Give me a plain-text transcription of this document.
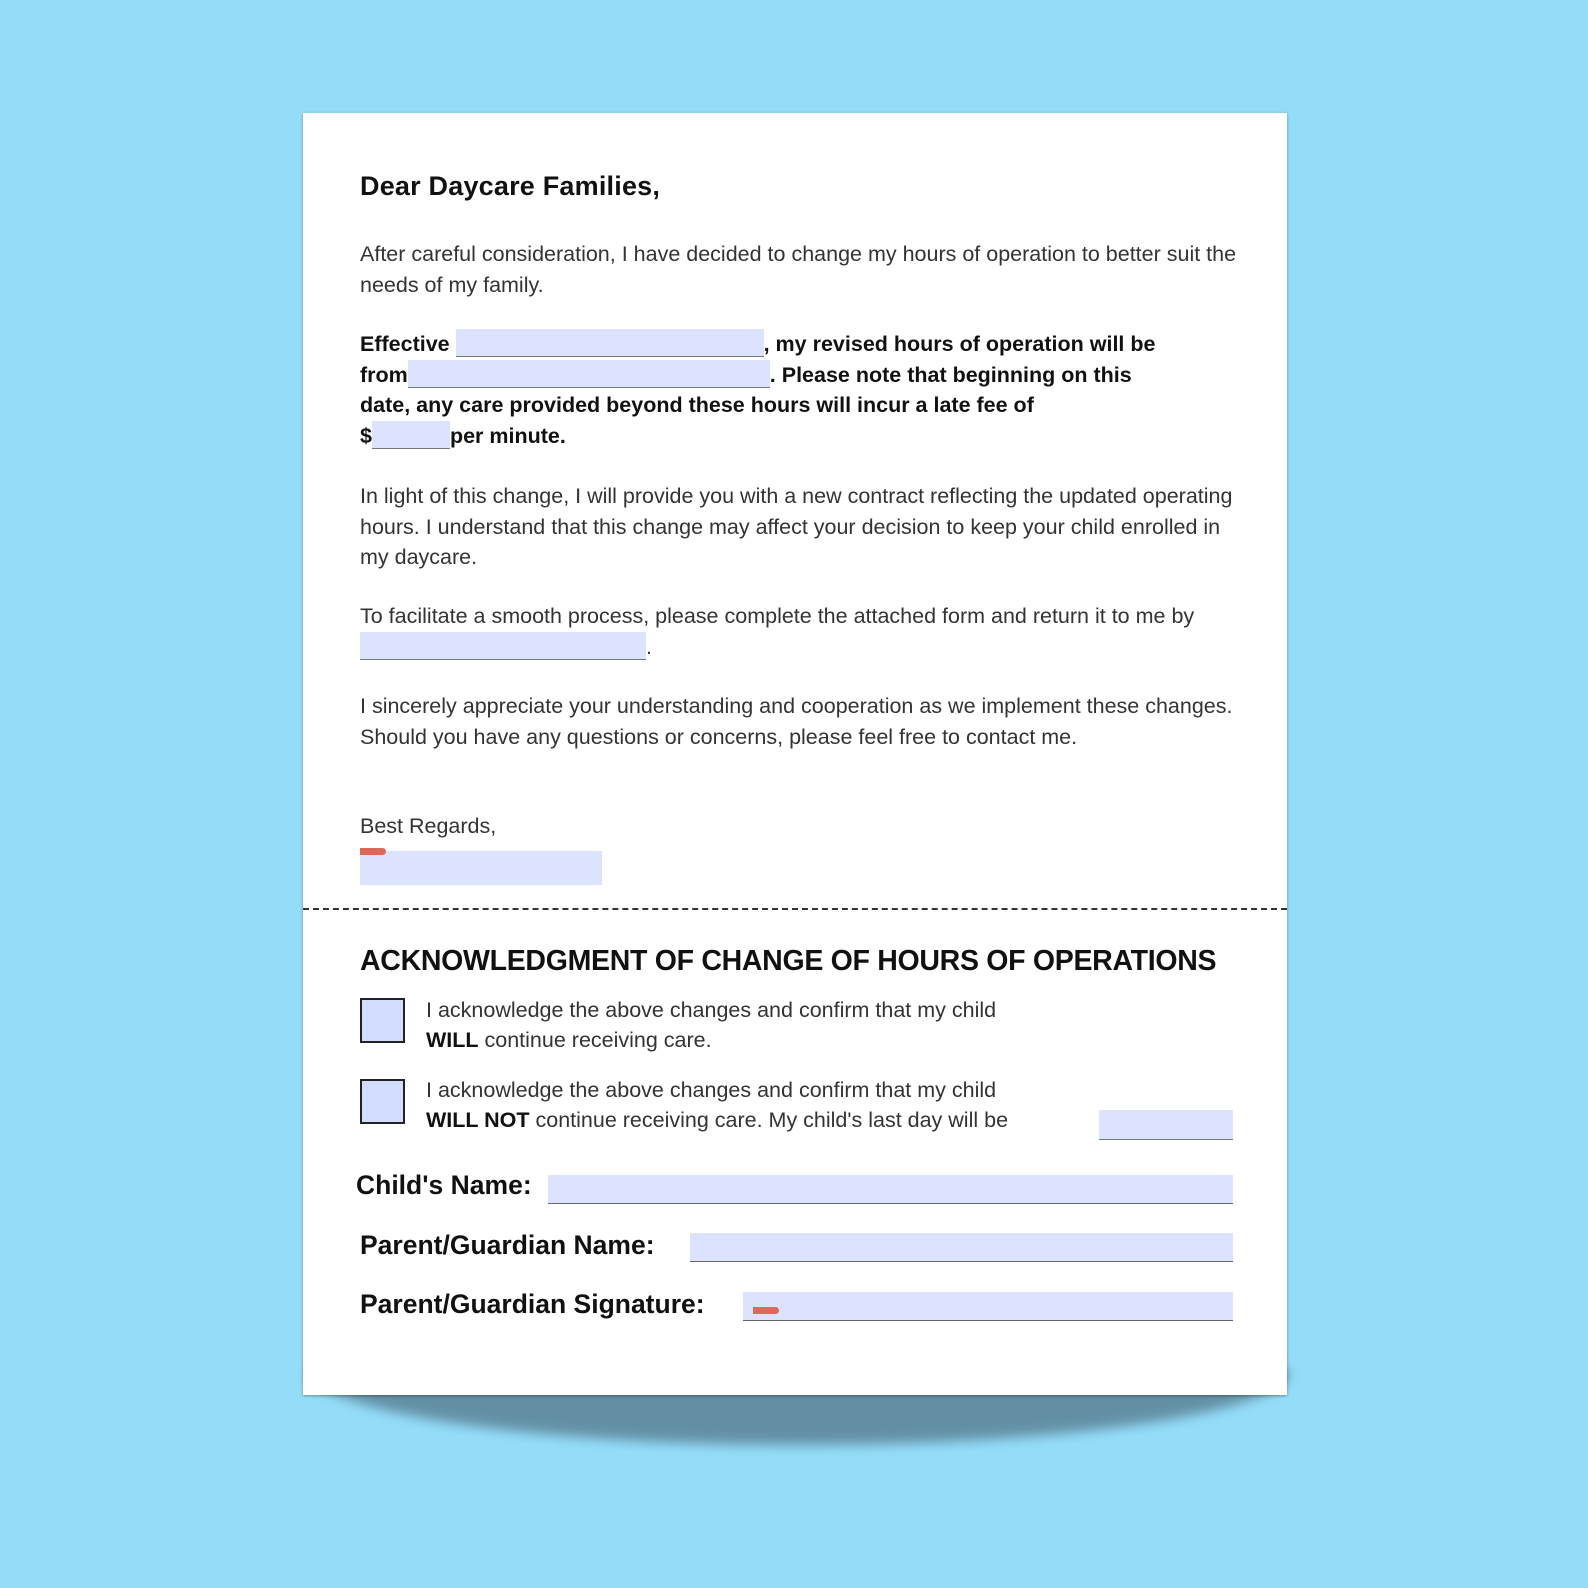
Dear Daycare Families,
After careful consideration, I have decided to change my hours of operation to better suit the needs of my family.
Effective	, my revised hours of operation will be
from	. Please note that beginning on this
date, any care provided beyond these hours will incur a late fee of
$	per minute.
In light of this change, I will provide you with a new contract reflecting the updated operating hours. I understand that this change may affect your decision to keep your child enrolled in my daycare.
To facilitate a smooth process, please complete the attached form and return it to me by.
I sincerely appreciate your understanding and cooperation as we implement these changes. Should you have any questions or concerns, please feel free to contact me.
Best Regards,
ACKNOWLEDGMENT OF CHANGE OF HOURS OF OPERATIONS
I acknowledge the above changes and confirm that my child
WILL continue receiving care.
I acknowledge the above changes and confirm that my child
WILL NOT continue receiving care. My child's last day will be
Child's Name:
Parent/Guardian Name:
Parent/Guardian Signature:
